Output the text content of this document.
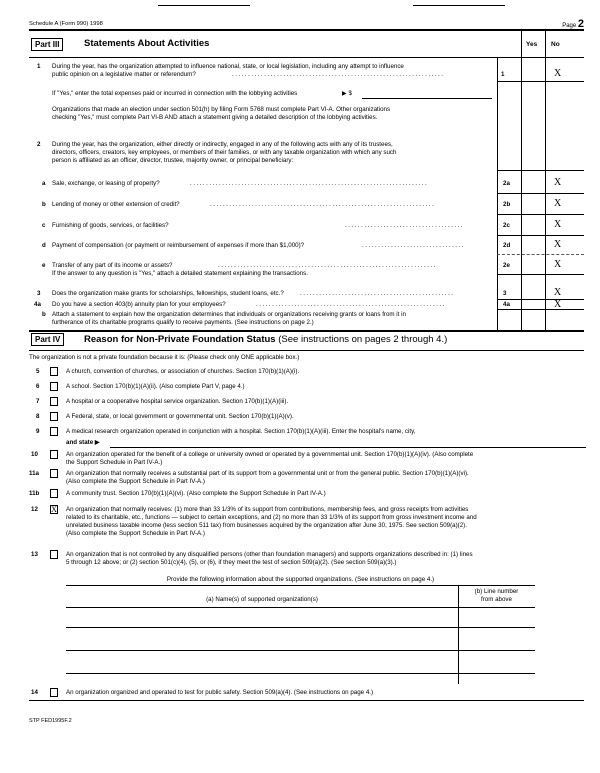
Schedule A (Form 990) 1998	Page 2
Part III	Statements About Activities	Yes No
1 During the year, has the organization attempted to influence national, state, or local legislation, including any attempt to influence
public opinion on a legislative matter or referendum?	..................................................................	1	X
If "Yes," enter the total expenses paid or incurred in connection with the lobbying activities	▶ $
Organizations that made an election under section 501(h) by filing Form 5768 must complete Part VI-A. Other organizations
checking "Yes," must complete Part VI-B AND attach a statement giving a detailed description of the lobbying activities.
2 During the year, has the organization, either directly or indirectly, engaged in any of the following acts with any of its trustees,
directors, officers, creators, key employees, or members of their families, or with any taxable organization with which any such
person is affiliated as an officer, director, trustee, majority owner, or principal beneficiary:
a Sale, exchange, or leasing of property?	..........................................................................	2a	X
b Lending of money or other extension of credit?	......................................................................	2b	X
c Furnishing of goods, services, or facilities?	.....................................	2c	X
d Payment of compensation (or payment or reimbursement of expenses if more than $1,000)?	................................	2d	X
e Transfer of any part of its income or assets?	....................................................................	2e	X
If the answer to any question is "Yes," attach a detailed statement explaining the transactions.
3 Does the organization make grants for scholarships, fellowships, student loans, etc.?	................................................	3	X
4a Do you have a section 403(b) annuity plan for your employees?	...........................................................	4a	X
b Attach a statement to explain how the organization determines that individuals or organizations receiving grants or loans from it in
furtherance of its charitable programs qualify to receive payments. (See instructions on page 2.)
Part IV	Reason for Non-Private Foundation Status (See instructions on pages 2 through 4.)
The organization is not a private foundation because it is: (Please check only ONE applicable box.)
5	A church, convention of churches, or association of churches. Section 170(b)(1)(A)(i).
6	A school. Section 170(b)(1)(A)(ii). (Also complete Part V, page 4.)
7	A hospital or a cooperative hospital service organization. Section 170(b)(1)(A)(iii).
8	A Federal, state, or local government or governmental unit. Section 170(b)(1)(A)(v).
9	A medical research organization operated in conjunction with a hospital. Section 170(b)(1)(A)(iii). Enter the hospital's name, city,
and state ▶
10	An organization operated for the benefit of a college or university owned or operated by a governmental unit. Section 170(b)(1)(A)(iv). (Also complete
the Support Schedule in Part IV-A.)
11a	An organization that normally receives a substantial part of its support from a governmental unit or from the general public. Section 170(b)(1)(A)(vi).
(Also complete the Support Schedule in Part IV-A.)
11b	A community trust. Section 170(b)(1)(A)(vi). (Also complete the Support Schedule in Part IV-A.)
12 X An organization that normally receives: (1) more than 33 1/3% of its support from contributions, membership fees, and gross receipts from activities
related to its charitable, etc., functions — subject to certain exceptions, and (2) no more than 33 1/3% of its support from gross investment income and
unrelated business taxable income (less section 511 tax) from businesses acquired by the organization after June 30, 1975. See section 509(a)(2).
(Also complete the Support Schedule in Part IV-A.)
13	An organization that is not controlled by any disqualified persons (other than foundation managers) and supports organizations described in: (1) lines
5 through 12 above; or (2) section 501(c)(4), (5), or (6), if they meet the test of section 509(a)(2). (See section 509(a)(3).)
14	An organization organized and operated to test for public safety. Section 509(a)(4). (See instructions on page 4.)
Provide the following information about the supported organizations. (See instructions on page 4.)
(a) Name(s) of supported organization(s)
(b) Line number
from above
STP FED1995F.2
